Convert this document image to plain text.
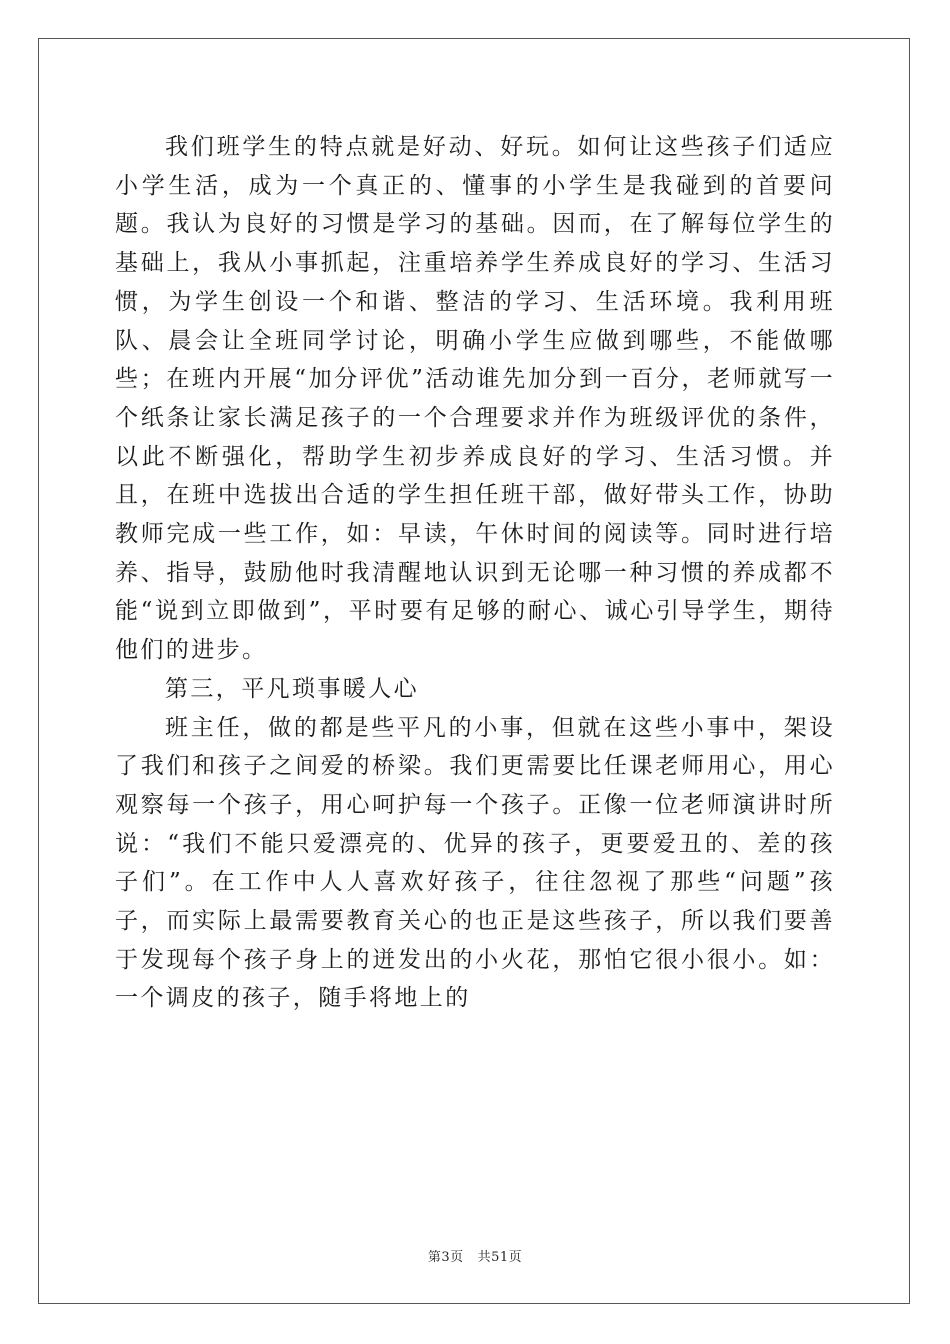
我们班学生的特点就是好动、好玩。如何让这些孩子们适应小学生活，成为一个真正的、懂事的小学生是我碰到的首要问题。我认为良好的习惯是学习的基础。因而，在了解每位学生的基础上，我从小事抓起，注重培养学生养成良好的学习、生活习惯，为学生创设一个和谐、整洁的学习、生活环境。我利用班队、晨会让全班同学讨论，明确小学生应做到哪些，不能做哪些；在班内开展“加分评优”活动谁先加分到一百分，老师就写一个纸条让家长满足孩子的一个合理要求并作为班级评优的条件，以此不断强化，帮助学生初步养成良好的学习、生活习惯。并且，在班中选拔出合适的学生担任班干部，做好带头工作，协助教师完成一些工作，如：早读，午休时间的阅读等。同时进行培养、指导，鼓励他时我清醒地认识到无论哪一种习惯的养成都不能“说到立即做到”，平时要有足够的耐心、诚心引导学生，期待他们的进步。

第三，平凡琐事暖人心

班主任，做的都是些平凡的小事，但就在这些小事中，架设了我们和孩子之间爱的桥梁。我们更需要比任课老师用心，用心观察每一个孩子，用心呵护每一个孩子。正像一位老师演讲时所说：“我们不能只爱漂亮的、优异的孩子，更要爱丑的、差的孩子们”。在工作中人人喜欢好孩子，往往忽视了那些“问题”孩子，而实际上最需要教育关心的也正是这些孩子，所以我们要善于发现每个孩子身上的迸发出的小火花，那怕它很小很小。如：一个调皮的孩子，随手将地上的

第3页 共51页
